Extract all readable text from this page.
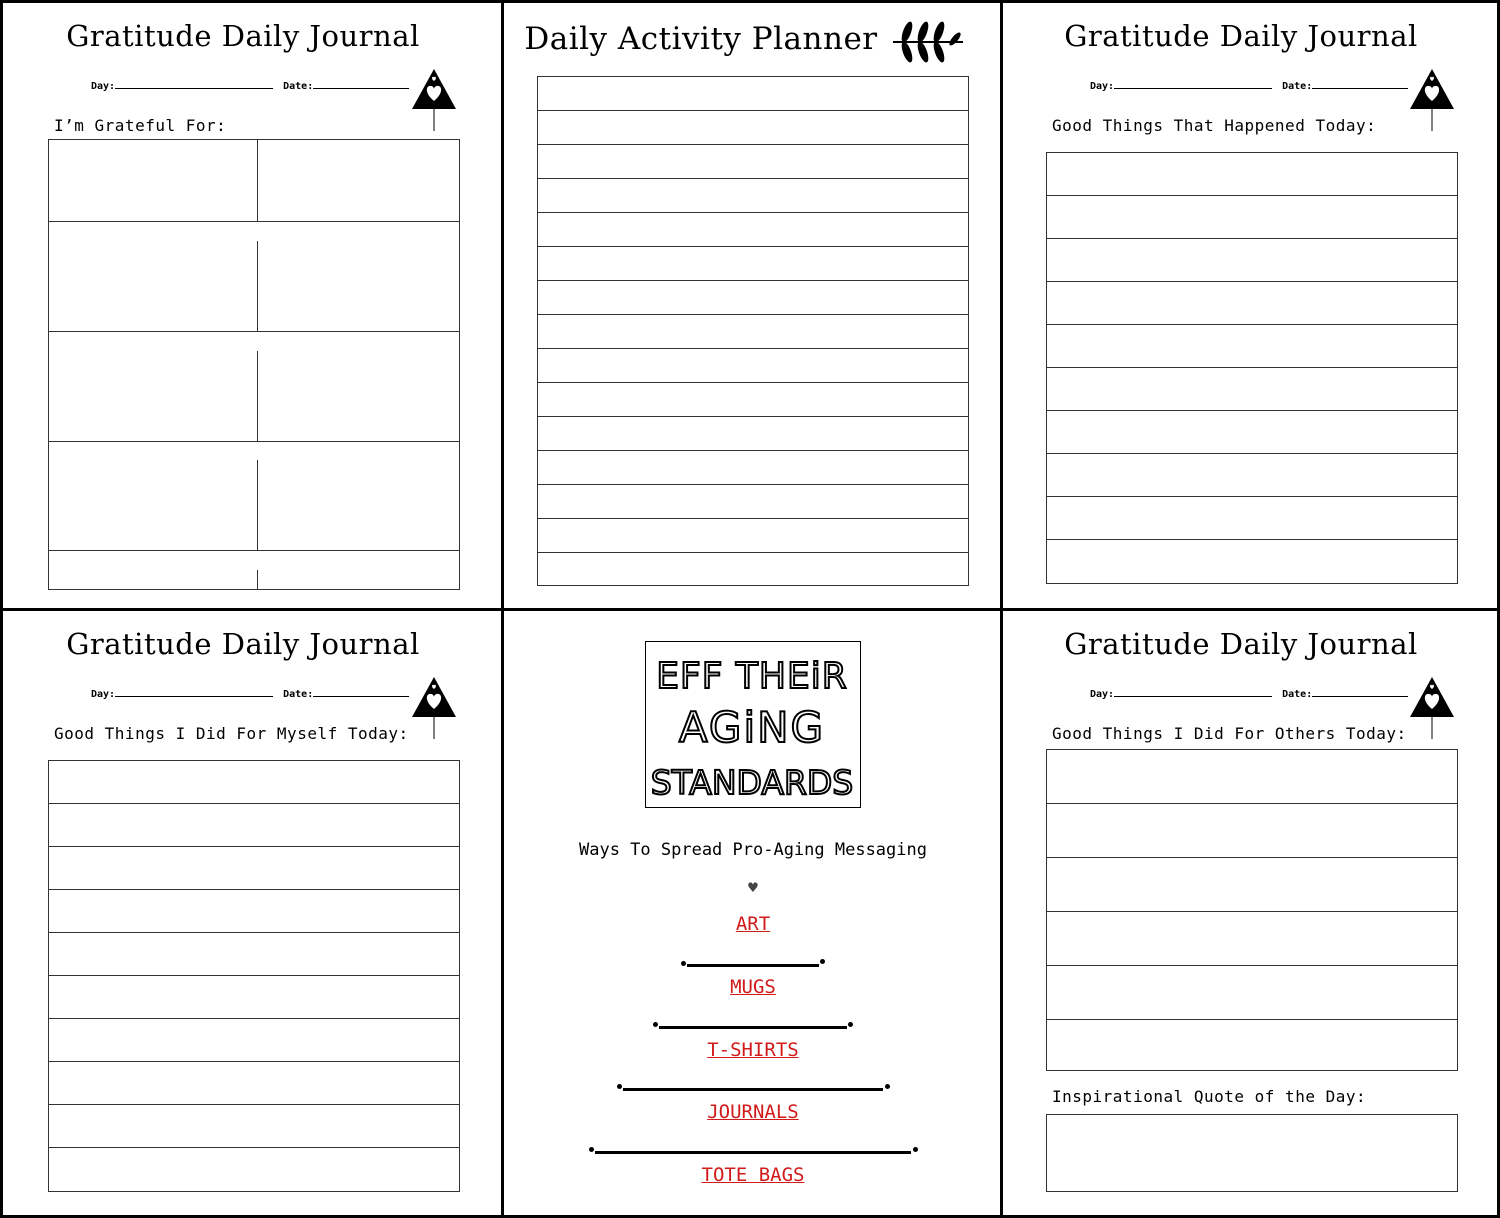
Gratitude Daily Journal
Day:	Date:
I’m Grateful For:
Daily Activity Planner	Gratitude Daily Journal
Day:	Date:
Good Things That Happened Today:
Gratitude Daily Journal
Day:	Date:
Good Things I Did For Myself Today:
EFF THEiR
AGiNG
STANDARDS
Ways To Spread Pro-Aging Messaging
♥
ART
MUGS
T-SHIRTS
JOURNALS
TOTE BAGS
Gratitude Daily Journal
Day:	Date:
Good Things I Did For Others Today:
Inspirational Quote of the Day:
